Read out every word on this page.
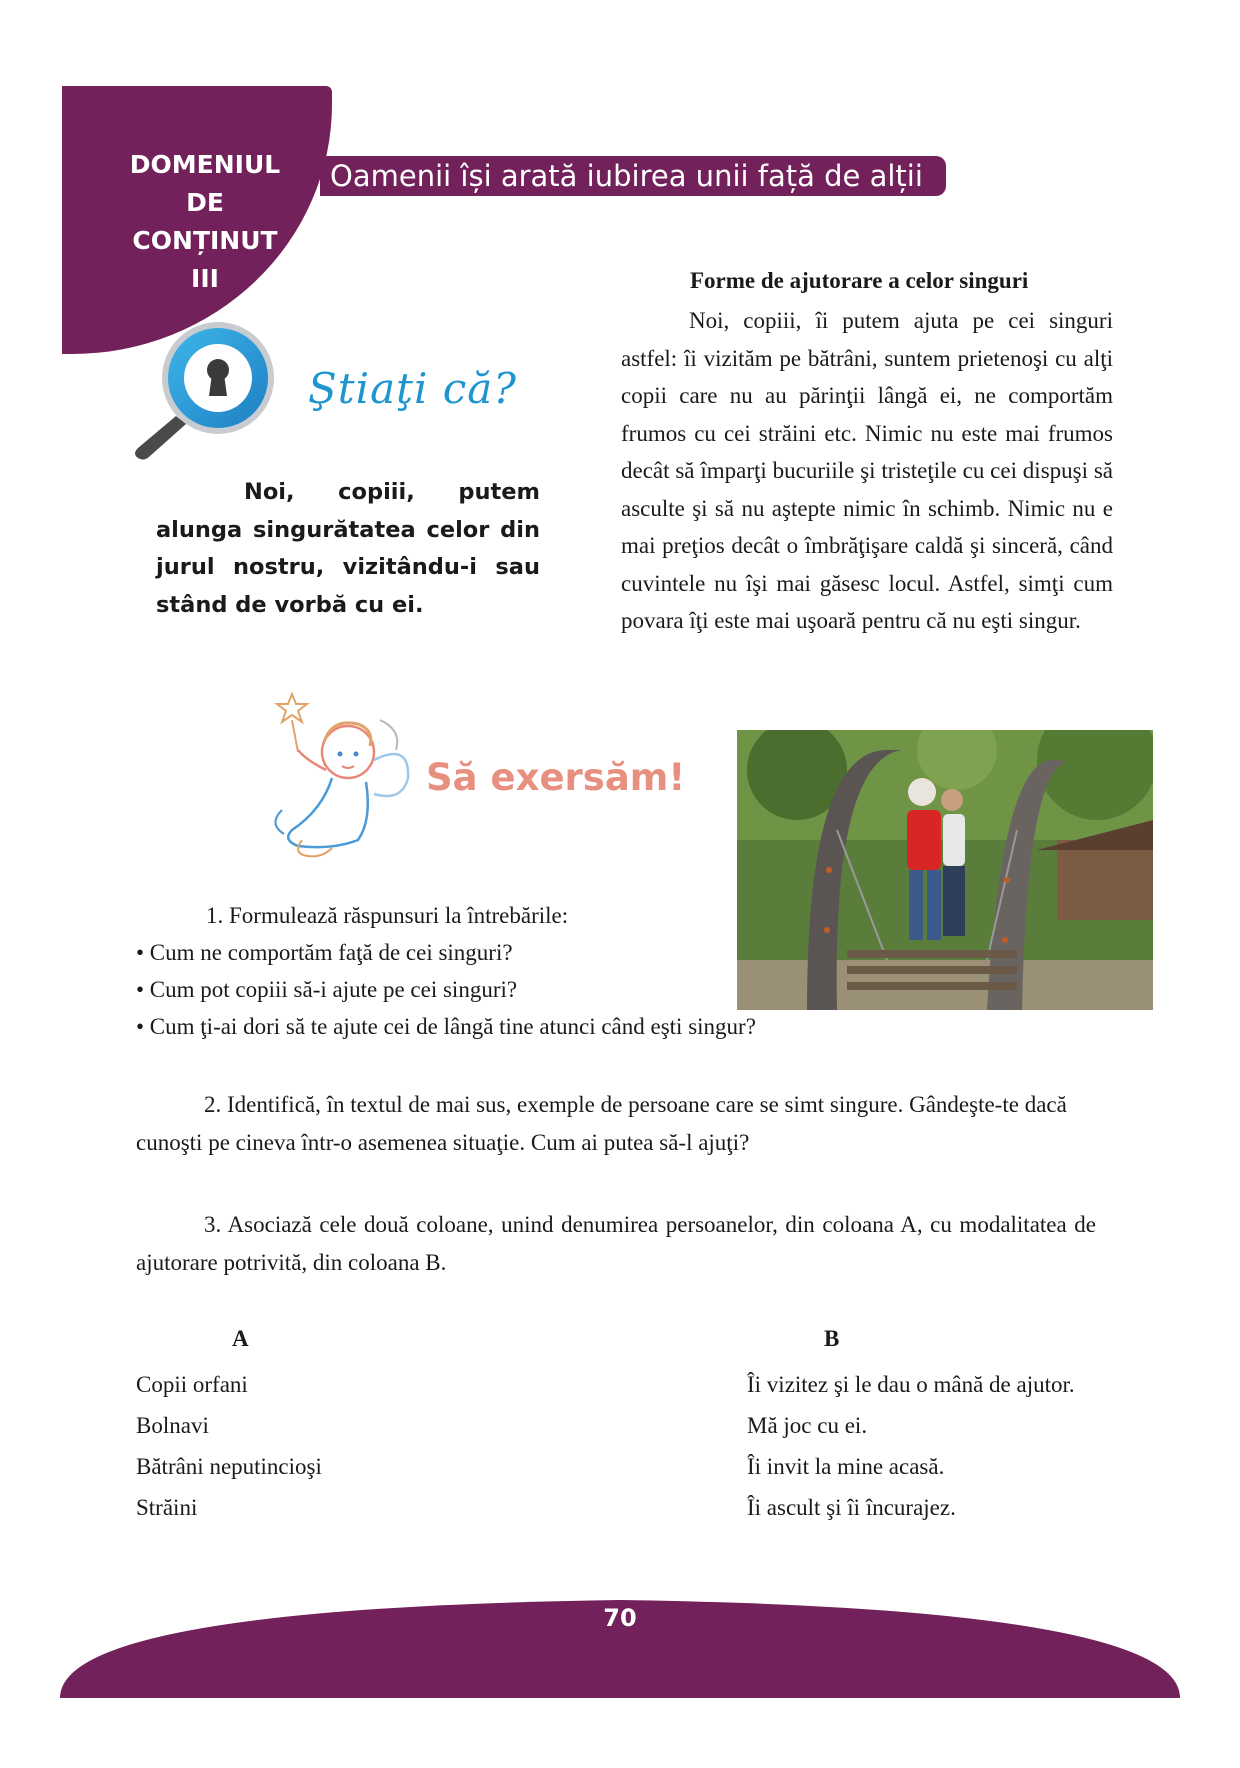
DOMENIUL
DE
CONȚINUT
III
Oamenii își arată iubirea unii față de alții
Ştiaţi că?
Noi, copiii, putem alunga singurătatea celor din jurul nostru, vizitându-i sau stând de vorbă cu ei.
Forme de ajutorare a celor singuri
Noi, copiii, îi putem ajuta pe cei singuri astfel: îi vizităm pe bătrâni, suntem prietenoşi cu alţi copii care nu au părinţii lângă ei, ne comportăm frumos cu cei străini etc. Nimic nu este mai frumos decât să împarţi bucuriile şi tristeţile cu cei dispuşi să asculte şi să nu aştepte nimic în schimb. Nimic nu e mai preţios decât o îmbrăţişare caldă şi sinceră, când cuvintele nu îşi mai găsesc locul. Astfel, simţi cum povara îţi este mai uşoară pentru că nu eşti singur.
Să exersăm!
1. Formulează răspunsuri la întrebările:
• Cum ne comportăm faţă de cei singuri?
• Cum pot copiii să-i ajute pe cei singuri?
• Cum ţi-ai dori să te ajute cei de lângă tine atunci când eşti singur?
2. Identifică, în textul de mai sus, exemple de persoane care se simt singure. Gândeşte-te dacă cunoşti pe cineva într-o asemenea situaţie. Cum ai putea să-l ajuţi?
3. Asociază cele două coloane, unind denumirea persoanelor, din coloana A, cu modalitatea de ajutorare potrivită, din coloana B.
A	B
Copii orfani
Bolnavi
Bătrâni neputincioşi
Străini
Îi vizitez şi le dau o mână de ajutor.
Mă joc cu ei.
Îi invit la mine acasă.
Îi ascult şi îi încurajez.
70
